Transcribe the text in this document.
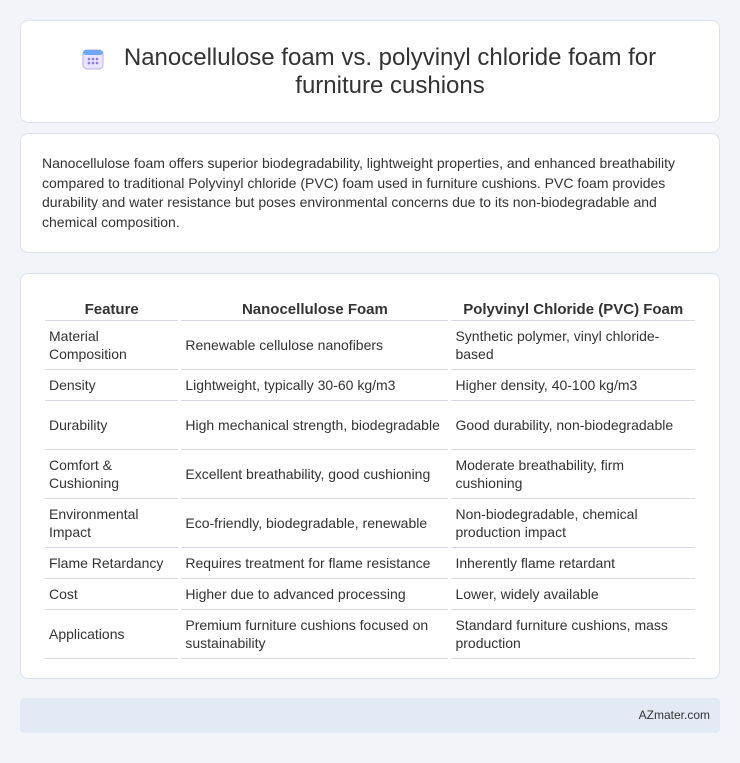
Nanocellulose foam vs. polyvinyl chloride foam for furniture cushions

Nanocellulose foam offers superior biodegradability, lightweight properties, and enhanced breathability compared to traditional Polyvinyl chloride (PVC) foam used in furniture cushions. PVC foam provides durability and water resistance but poses environmental concerns due to its non-biodegradable and chemical composition.

Feature	Nanocellulose Foam	Polyvinyl Chloride (PVC) Foam
Material Composition	Renewable cellulose nanofibers	Synthetic polymer, vinyl chloride-based
Density	Lightweight, typically 30-60 kg/m3	Higher density, 40-100 kg/m3
Durability	High mechanical strength, biodegradable	Good durability, non-biodegradable
Comfort & Cushioning	Excellent breathability, good cushioning	Moderate breathability, firm cushioning
Environmental Impact	Eco-friendly, biodegradable, renewable	Non-biodegradable, chemical production impact
Flame Retardancy	Requires treatment for flame resistance	Inherently flame retardant
Cost	Higher due to advanced processing	Lower, widely available
Applications	Premium furniture cushions focused on sustainability	Standard furniture cushions, mass production
AZmater.com
